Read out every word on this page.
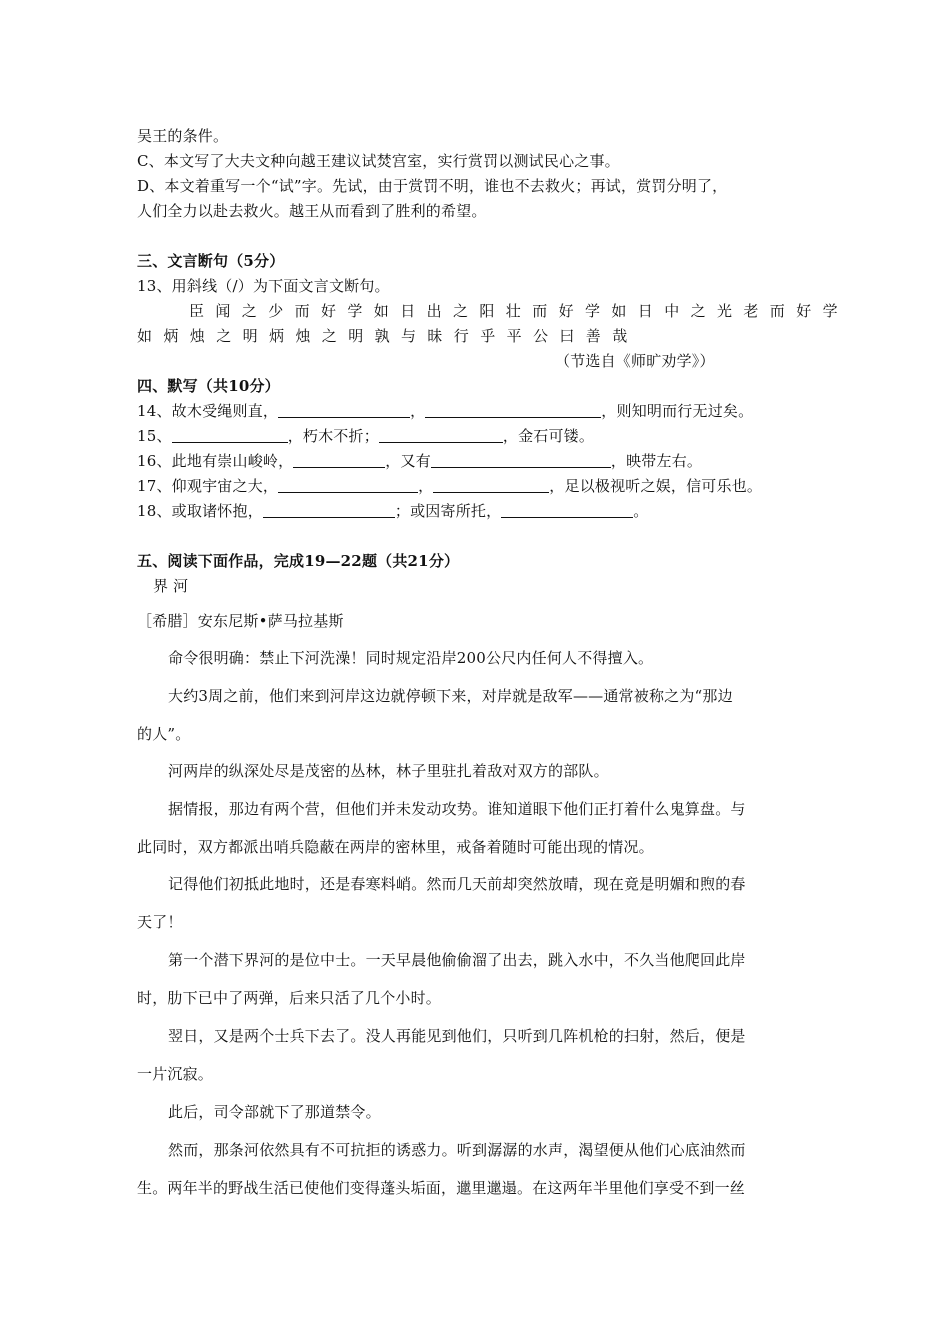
吴王的条件。
C、本文写了大夫文种向越王建议试焚宫室，实行赏罚以测试民心之事。
D、本文着重写一个“试”字。先试，由于赏罚不明，谁也不去救火；再试，赏罚分明了，
人们全力以赴去救火。越王从而看到了胜利的希望。
三、文言断句（5分）
13、用斜线（/）为下面文言文断句。
臣闻之少而好学如日出之阳壮而好学如日中之光老而好学
如炳烛之明炳烛之明孰与昧行乎平公曰善哉
（节选自《师旷劝学》）
四、默写（共10分）
14、故木受绳则直，	，	，则知明而行无过矣。
15、	，朽木不折；	，金石可镂。
16、此地有崇山峻岭，	，又有	，映带左右。
17、仰观宇宙之大，	，	，足以极视听之娱，信可乐也。
18、或取诸怀抱，	；或因寄所托，	。
五、阅读下面作品，完成19—22题（共21分）
界 河
［希腊］安东尼斯•萨马拉基斯
命令很明确：禁止下河洗澡！同时规定沿岸200公尺内任何人不得擅入。
大约3周之前，他们来到河岸这边就停顿下来，对岸就是敌军——通常被称之为“那边
的人”。
河两岸的纵深处尽是茂密的丛林，林子里驻扎着敌对双方的部队。
据情报，那边有两个营，但他们并未发动攻势。谁知道眼下他们正打着什么鬼算盘。与
此同时，双方都派出哨兵隐蔽在两岸的密林里，戒备着随时可能出现的情况。
记得他们初抵此地时，还是春寒料峭。然而几天前却突然放晴，现在竟是明媚和煦的春
天了！
第一个潜下界河的是位中士。一天早晨他偷偷溜了出去，跳入水中，不久当他爬回此岸
时，肋下已中了两弹，后来只活了几个小时。
翌日，又是两个士兵下去了。没人再能见到他们，只听到几阵机枪的扫射，然后，便是
一片沉寂。
此后，司令部就下了那道禁令。
然而，那条河依然具有不可抗拒的诱惑力。听到潺潺的水声，渴望便从他们心底油然而
生。两年半的野战生活已使他们变得蓬头垢面，邋里邋遢。在这两年半里他们享受不到一丝
